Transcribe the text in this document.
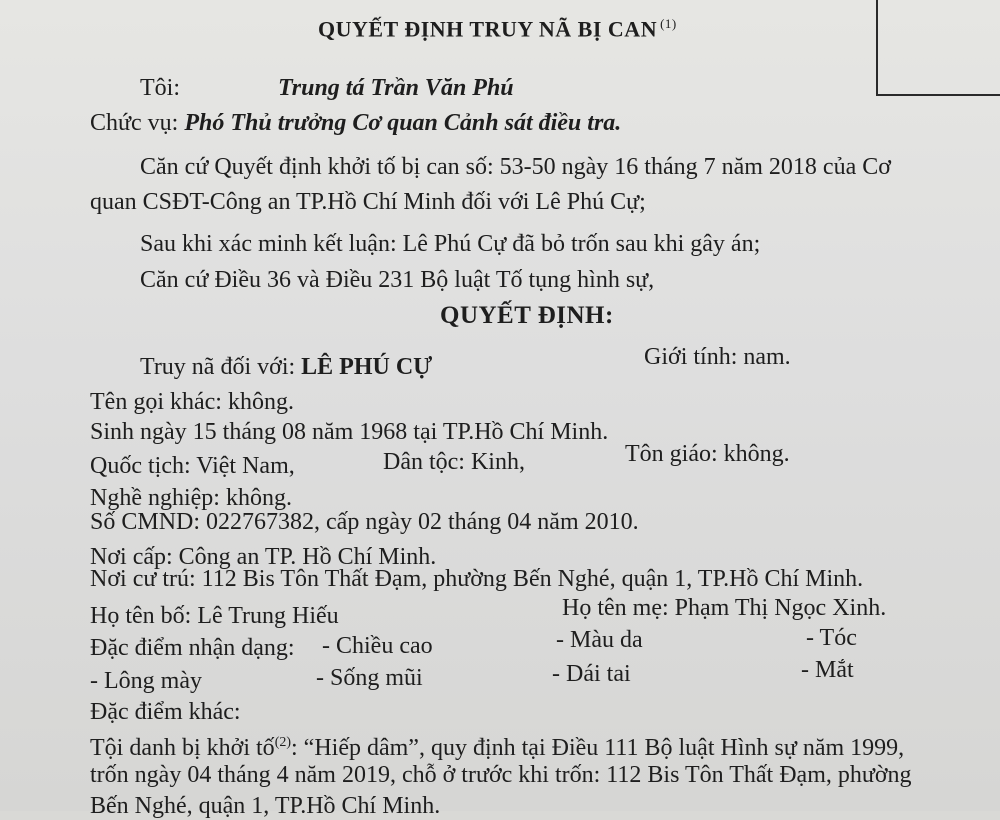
QUYẾT ĐỊNH TRUY NÃ BỊ CAN $^{(1)}$
Tôi:	Trung tá Trần Văn Phú
Chức vụ: Phó Thủ trưởng Cơ quan Cảnh sát điều tra.
Căn cứ Quyết định khởi tố bị can số: 53-50 ngày 16 tháng 7 năm 2018 của Cơ
quan CSĐT-Công an TP.Hồ Chí Minh đối với Lê Phú Cự;
Sau khi xác minh kết luận: Lê Phú Cự đã bỏ trốn sau khi gây án;
Căn cứ Điều 36 và Điều 231 Bộ luật Tố tụng hình sự,
QUYẾT ĐỊNH:
Truy nã đối với: LÊ PHÚ CỰ	Giới tính: nam.
Tên gọi khác: không.
Sinh ngày 15 tháng 08 năm 1968 tại TP.Hồ Chí Minh.
Quốc tịch: Việt Nam,	Dân tộc: Kinh,	Tôn giáo: không.
Nghề nghiệp: không.
Số CMND: 022767382, cấp ngày 02 tháng 04 năm 2010.
Nơi cấp: Công an TP. Hồ Chí Minh.
Nơi cư trú: 112 Bis Tôn Thất Đạm, phường Bến Nghé, quận 1, TP.Hồ Chí Minh.
Họ tên bố: Lê Trung Hiếu	Họ tên mẹ: Phạm Thị Ngọc Xinh.
Đặc điểm nhận dạng: - Chiều cao	- Màu da	- Tóc
- Lông mày	- Sống mũi	- Dái tai	- Mắt
Đặc điểm khác:
Tội danh bị khởi tố$^{(2)}$: “Hiếp dâm”, quy định tại Điều 111 Bộ luật Hình sự năm 1999,
trốn ngày 04 tháng 4 năm 2019, chỗ ở trước khi trốn: 112 Bis Tôn Thất Đạm, phường
Bến Nghé, quận 1, TP.Hồ Chí Minh.
